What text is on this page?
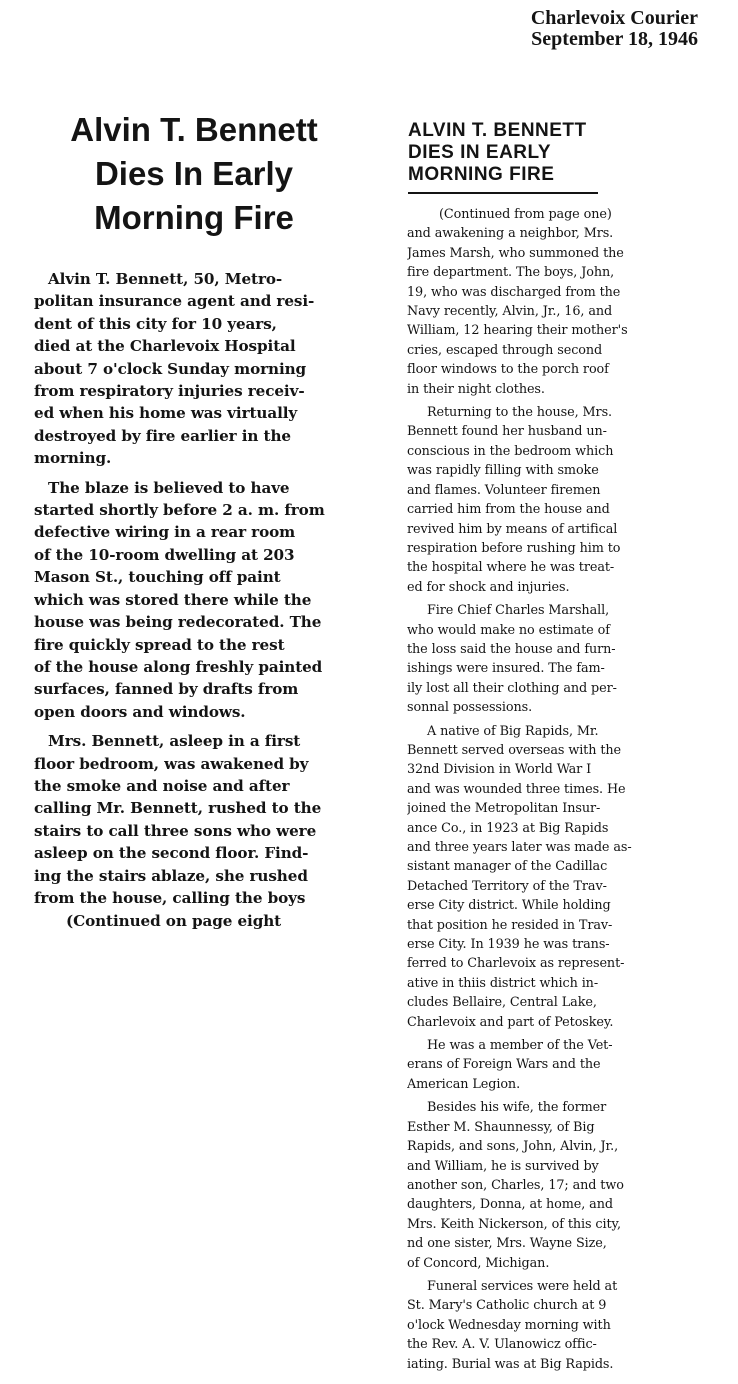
Charlevoix Courier
September 18, 1946
Alvin T. Bennett
Dies In Early
Morning Fire
ALVIN T. BENNETT
DIES IN EARLY
MORNING FIRE
Alvin T. Bennett, 50, Metro-
politan insurance agent and resi-
dent of this city for 10 years,
died at the Charlevoix Hospital
about 7 o'clock Sunday morning
from respiratory injuries receiv-
ed when his home was virtually
destroyed by fire earlier in the
morning.
The blaze is believed to have
started shortly before 2 a. m. from
defective wiring in a rear room
of the 10-room dwelling at 203
Mason St., touching off paint
which was stored there while the
house was being redecorated. The
fire quickly spread to the rest
of the house along freshly painted
surfaces, fanned by drafts from
open doors and windows.
Mrs. Bennett, asleep in a first
floor bedroom, was awakened by
the smoke and noise and after
calling Mr. Bennett, rushed to the
stairs to call three sons who were
asleep on the second floor. Find-
ing the stairs ablaze, she rushed
from the house, calling the boys
(Continued on page eight
(Continued from page one)
and awakening a neighbor, Mrs.
James Marsh, who summoned the
fire department. The boys, John,
19, who was discharged from the
Navy recently, Alvin, Jr., 16, and
William, 12 hearing their mother's
cries, escaped through second
floor windows to the porch roof
in their night clothes.
Returning to the house, Mrs.
Bennett found her husband un-
conscious in the bedroom which
was rapidly filling with smoke
and flames. Volunteer firemen
carried him from the house and
revived him by means of artifical
respiration before rushing him to
the hospital where he was treat-
ed for shock and injuries.
Fire Chief Charles Marshall,
who would make no estimate of
the loss said the house and furn-
ishings were insured. The fam-
ily lost all their clothing and per-
sonnal possessions.
A native of Big Rapids, Mr.
Bennett served overseas with the
32nd Division in World War I
and was wounded three times. He
joined the Metropolitan Insur-
ance Co., in 1923 at Big Rapids
and three years later was made as-
sistant manager of the Cadillac
Detached Territory of the Trav-
erse City district. While holding
that position he resided in Trav-
erse City. In 1939 he was trans-
ferred to Charlevoix as represent-
ative in thiis district which in-
cludes Bellaire, Central Lake,
Charlevoix and part of Petoskey.
He was a member of the Vet-
erans of Foreign Wars and the
American Legion.
Besides his wife, the former
Esther M. Shaunnessy, of Big
Rapids, and sons, John, Alvin, Jr.,
and William, he is survived by
another son, Charles, 17; and two
daughters, Donna, at home, and
Mrs. Keith Nickerson, of this city,
nd one sister, Mrs. Wayne Size,
of Concord, Michigan.
Funeral services were held at
St. Mary's Catholic church at 9
o'lock Wednesday morning with
the Rev. A. V. Ulanowicz offic-
iating. Burial was at Big Rapids.
